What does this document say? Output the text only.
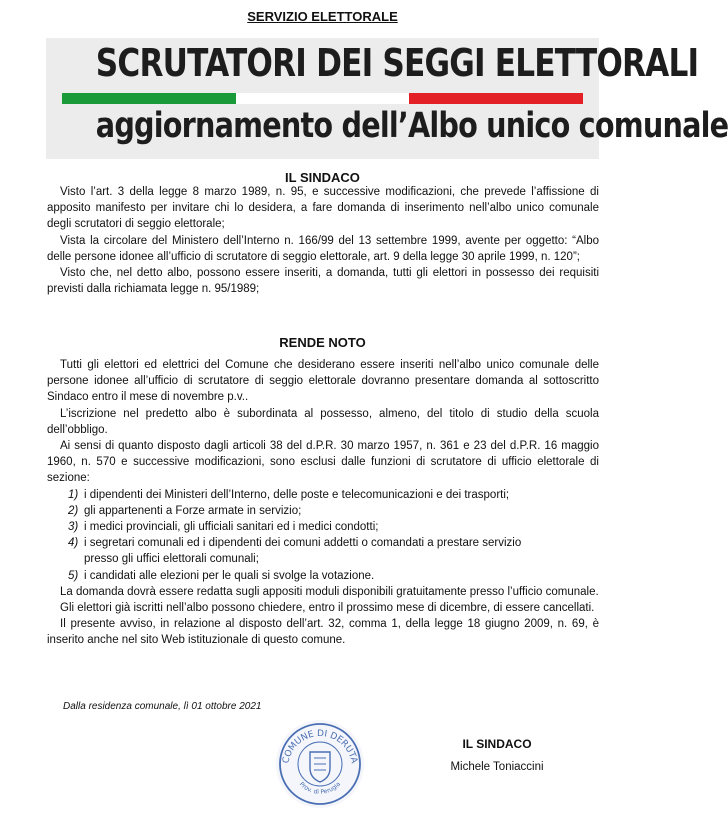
SERVIZIO ELETTORALE
SCRUTATORI DEI SEGGI ELETTORALI
aggiornamento dell’Albo unico comunale
IL SINDACO

Visto l’art. 3 della legge 8 marzo 1989, n. 95, e successive modificazioni, che prevede l’affissione di apposito manifesto per invitare chi lo desidera, a fare domanda di inserimento nell’albo unico comunale degli scrutatori di seggio elettorale;

Vista la circolare del Ministero dell’Interno n. 166/99 del 13 settembre 1999, avente per oggetto: “Albo delle persone idonee all’ufficio di scrutatore di seggio elettorale, art. 9 della legge 30 aprile 1999, n. 120”;

Visto che, nel detto albo, possono essere inseriti, a domanda, tutti gli elettori in possesso dei requisiti previsti dalla richiamata legge n. 95/1989;

RENDE NOTO

Tutti gli elettori ed elettrici del Comune che desiderano essere inseriti nell’albo unico comunale delle persone idonee all’ufficio di scrutatore di seggio elettorale dovranno presentare domanda al sottoscritto Sindaco entro il mese di novembre p.v..

L’iscrizione nel predetto albo è subordinata al possesso, almeno, del titolo di studio della scuola dell’obbligo.

Ai sensi di quanto disposto dagli articoli 38 del d.P.R. 30 marzo 1957, n. 361 e 23 del d.P.R. 16 maggio 1960, n. 570 e successive modificazioni, sono esclusi dalle funzioni di scrutatore di ufficio elettorale di sezione:

1) i dipendenti dei Ministeri dell’Interno, delle poste e telecomunicazioni e dei trasporti;
2) gli appartenenti a Forze armate in servizio;
3) i medici provinciali, gli ufficiali sanitari ed i medici condotti;
4) i segretari comunali ed i dipendenti dei comuni addetti o comandati a prestare servizio
presso gli uffici elettorali comunali;
5) i candidati alle elezioni per le quali si svolge la votazione.

La domanda dovrà essere redatta sugli appositi moduli disponibili gratuitamente presso l’ufficio comunale.

Gli elettori già iscritti nell’albo possono chiedere, entro il prossimo mese di dicembre, di essere cancellati.

Il presente avviso, in relazione al disposto dell’art. 32, comma 1, della legge 18 giugno 2009, n. 69, è inserito anche nel sito Web istituzionale di questo comune.

Dalla residenza comunale, lì 01 ottobre 2021
COMUNE DI DERUTA
Prov. di Perugia
IL SINDACO
Michele Toniaccini
